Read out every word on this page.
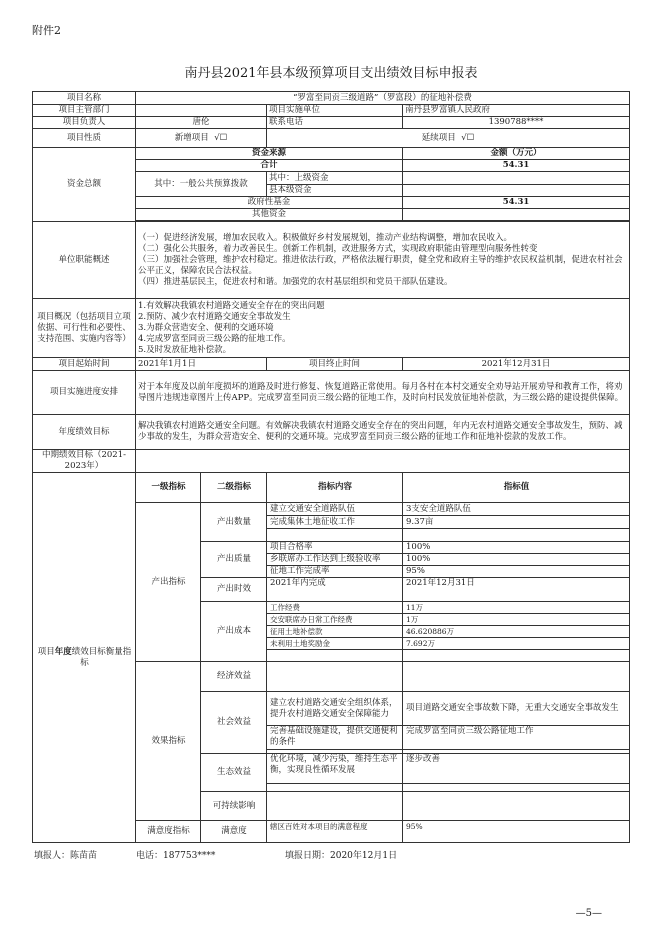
附件2
南丹县2021年县本级预算项目支出绩效目标申报表
项目名称	“罗富至同贡三级道路”（罗富段）的征地补偿费			
项目主管部门			项目实施单位	南丹县罗富镇人民政府
项目负责人	唐伦		联系电话	1390788****
项目性质	新增项目 √☐		延续项目 √☐	
资金总额	资金来源			金额（万元）
	合计			54.31
	其中：一般公共预算拨款		其中：上级资金	
			县本级资金	
	政府性基金			54.31
	其他资金			

单位职能概述	（一）促进经济发展，增加农民收入。积极做好乡村发展规划，推动产业结构调整，增加农民收入。
（二）强化公共服务，着力改善民生。创新工作机制，改进服务方式，实现政府职能由管理型向服务性转变
（三）加强社会管理，维护农村稳定。推进依法行政，严格依法履行职责，健全党和政府主导的维护农民权益机制，促进农村社会公平正义，保障农民合法权益。
（四）推进基层民主，促进农村和谐。加强党的农村基层组织和党员干部队伍建设。			

项目概况（包括项目立项依据、可行性和必要性、支持范围、实施内容等）	1.有效解决我镇农村道路交通安全存在的突出问题
2.预防、减少农村道路交通安全事故发生
3.为群众营造安全、便利的交通环境
4.完成罗富至同贡三级公路的征地工作。
5.及时发放征地补偿款。			

项目起始时间	2021年1月1日		项目终止时间	2021年12月31日
项目实施进度安排	对于本年度及以前年度损坏的道路及时进行修复、恢复道路正常使用。每月各村在本村交通安全劝导站开展劝导和教育工作，将劝导图片违规违章图片上传APP。完成罗富至同贡三级公路的征地工作，及时向村民发放征地补偿款，为三级公路的建设提供保障。			
年度绩效目标	解决我镇农村道路交通安全问题。有效解决我镇农村道路交通安全存在的突出问题，年内无农村道路交通安全事故发生，预防、减少事故的发生，为群众营造安全、便利的交通环境。完成罗富至同贡三级公路的征地工作和征地补偿款的发放工作。			
中期绩效目标（2021-2023年）				
项目年度绩效目标衡量指标	一级指标	二级指标	指标内容	指标值
	产出指标	产出数量	建立交通安全道路队伍	3支安全道路队伍
			完成集体土地征收工作	9.37亩

		产出质量	项目合格率	100%
			乡联席办工作达到上级验收率	100%
			征地工作完成率	95%
		产出时效	2021年内完成	2021年12月31日
		产出成本	工作经费	11万
			交安联席办日常工作经费	1万
			征用土地补偿款	46.620886万
			未利用土地奖励金	7.692万

	效果指标	经济效益		
		社会效益	建立农村道路交通安全组织体系，提升农村道路交通安全保障能力	项目道路交通安全事故数下降，无重大交通安全事故发生
			完善基础设施建设，提供交通便利的条件	完成罗富至同贡三级公路征地工作

		生态效益	优化环境，减少污染，维持生态平衡，实现良性循环发展	逐步改善

		可持续影响		
	满意度指标	满意度	辖区百姓对本项目的满意程度	95%
填报人：陈苗苗	电话：187753****	填报日期：2020年12月1日
—5—
